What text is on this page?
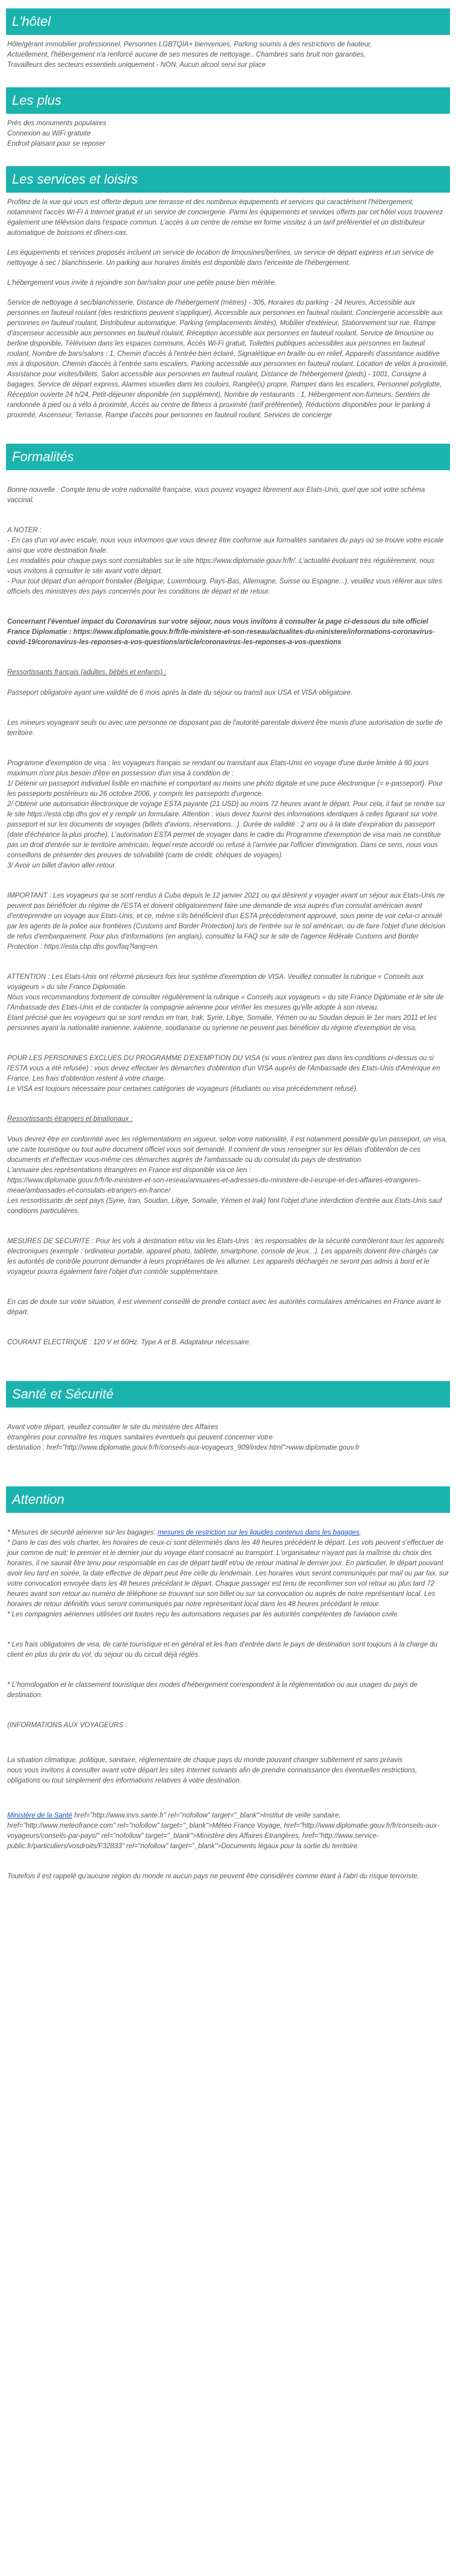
L'hôtel
Hôte/gérant immobilier professionnel, Personnes LGBTQIA+ bienvenues, Parking soumis à des restrictions de hauteur,
Actuellement, l'hébergement n'a renforcé aucune de ses mesures de nettoyage., Chambres sans bruit non garanties,
Travailleurs des secteurs essentiels uniquement - NON, Aucun alcool servi sur place
Les plus
Prés des monuments populaires
Connexion au WiFi gratuite
Endroit plaisant pour se reposer
Les services et loisirs

Profitez de la vue qui vous est offerte depuis une terrasse et des nombreux équipements et services qui caractérisent l'hébergement, notamment l'accès Wi-Fi à Internet gratuit et un service de conciergerie. Parmi les équipements et services offerts par cet hôtel vous trouverez également une télévision dans l'espace commun. L'accès à un centre de remise en forme vissitez à un tarif préférentiel et un distributeur automatique de boissons et dîners-cas.

Les équipements et services proposés incluent un service de location de limousines/berlines, un service de départ express et un service de nettoyage à sec / blanchisserie. Un parking aux horaires limités est disponible dans l'enceinte de l'hébergement.

L'hébergement vous invite à rejoindre son bar/salon pour une petite pause bien méritée.

Service de nettoyage à sec/blanchisserie, Distance de l'hébergement (mètres) - 305, Horaires du parking - 24 heures, Accessible aux personnes en fauteuil roulant (des restrictions peuvent s'appliquer), Accessible aux personnes en fauteuil roulant, Conciergerie accessible aux personnes en fauteuil roulant, Distributeur automatique, Parking (emplacements limités), Mobilier d'extérieur, Stationnement sur rue, Rampe d'ascenseur accessible aux personnes en fauteuil roulant, Réception accessible aux personnes en fauteuil roulant, Service de limousine ou berline disponible, Télévision dans les espaces communs, Accès Wi-Fi gratuit, Toilettes publiques accessibles aux personnes en fauteuil roulant, Nombre de bars/salons : 1, Chemin d'accès à l'entrée bien éclairé, Signalétique en braille ou en relief, Appareils d'assistance auditive mis à disposition, Chemin d'accès à l'entrée sans escaliers, Parking accessible aux personnes en fauteuil roulant, Location de vélos à proximité, Assistance pour visites/billets, Salon accessible aux personnes en fauteuil roulant, Distance de l'hébergement (pieds) - 1001, Consigne à bagages, Service de départ express, Alarmes visuelles dans les couloirs, Rangée(s) propre, Rampes dans les escaliers, Personnel polyglotte, Réception ouverte 24 h/24, Petit-déjeuner disponible (en supplément), Nombre de restaurants : 1, Hébergement non-fumeurs, Sentiers de randonnée à pied ou à vélo à proximité, Accès au centre de fitness à proximité (tarif préférentiel), Réductions disponibles pour le parking à proximité, Ascenseur, Terrasse, Rampe d'accès pour personnes en fauteuil roulant, Services de concierge

Formalités

Bonne nouvelle : Compte tenu de votre nationalité française, vous pouvez voyagez librement aux Etats-Unis, quel que soit votre schéma vaccinal.

A NOTER :
- En cas d'un vol avec escale, nous vous informons que vous devrez être conforme aux formalités sanitaires du pays où se trouve votre escale ainsi que votre destination finale.
Les modalités pour chaque pays sont consultables sur le site https://www.diplomatie.gouv.fr/fr/. L'actualité évoluant très régulièrement, nous vous invitons à consulter le site avant votre départ.
- Pour tout départ d'un aéroport frontalier (Belgique, Luxembourg, Pays-Bas, Allemagne, Suisse ou Espagne...), veuillez vous référer aux sites officiels des ministères des pays concernés pour les conditions de départ et de retour.

Concernant l'éventuel impact du Coronavirus sur votre séjour, nous vous invitons à consulter la page ci-dessous du site officiel France Diplomatie : https://www.diplomatie.gouv.fr/fr/le-ministere-et-son-reseau/actualites-du-ministere/informations-coronavirus-covid-19/coronavirus-les-reponses-a-vos-questions/article/coronavirus-les-reponses-a-vos-questions

Ressortissants français (adultes, bébés et enfants) :

Passeport obligatoire ayant une validité de 6 mois après la date du séjour ou transit aux USA et VISA obligatoire.

Les mineurs voyageant seuls ou avec une personne ne disposant pas de l'autorité parentale doivent être munis d'une autorisation de sortie de territoire.

Programme d'exemption de visa : les voyageurs français se rendant ou transitant aux Etats-Unis en voyage d'une durée limitée à 90 jours maximum n'ont plus besoin d'être en possession d'un visa à condition de :
1/ Détenir un passeport individuel lisible en machine et comportant au moins une photo digitale et une puce électronique (= e-passeport). Pour les passeports postérieurs au 26 octobre 2006, y compris les passeports d'urgence.
2/ Obtenir une autorisation électronique de voyage ESTA payante (21 USD) au moins 72 heures avant le départ. Pour cela, il faut se rendre sur le site https://esta.cbp.dhs.gov et y remplir un formulaire. Attention : vous devez fournir des informations identiques à celles figurant sur votre passeport et sur les documents de voyages (billets d'avions, réservations...). Durée de validité : 2 ans ou à la date d'expiration du passeport (date d'échéance la plus proche). L'autorisation ESTA permet de voyager dans le cadre du Programme d'exemption de visa mais ne constitue pas un droit d'entrée sur le territoire américain, lequel reste accordé ou refusé à l'arrivée par l'officier d'immigration. Dans ce sens, nous vous conseillons de présenter des preuves de solvabilité (carte de crédit, chèques de voyages).
3/ Avoir un billet d'avion aller-retour.

IMPORTANT : Les voyageurs qui se sont rendus à Cuba depuis le 12 janvier 2021 ou qui désirent y voyager avant un séjour aux Etats-Unis ne peuvent pas bénéficier du régime de l'ESTA et doivent obligatoirement faire une demande de visa auprès d'un consulat américain avant d'entreprendre un voyage aux Etats-Unis, et ce, même s'ils bénéficient d'un ESTA précédemment approuvé, sous peine de voir celui-ci annulé par les agents de la police aux frontières (Customs and Border Protection) lors de l'entrée sur le sol américain, ou de faire l'objet d'une décision de refus d'embarquement. Pour plus d'informations (en anglais), consultez la FAQ sur le site de l'agence fédérale Customs and Border Protection : https://esta.cbp.dhs.gov/faq?lang=en.

ATTENTION : Les Etats-Unis ont réformé plusieurs fois leur système d'exemption de VISA. Veuillez consulter la rubrique « Conseils aux voyageurs » du site France Diplomatie.
Nous vous recommandons fortement de consulter régulièrement la rubrique « Conseils aux voyageurs » du site France Diplomatie et le site de l'Ambassade des Etats-Unis et de contacter la compagnie aérienne pour vérifier les mesures qu'elle adopte à son niveau.
Etant précisé que les voyageurs qui se sont rendus en Iran, Irak, Syrie, Libye, Somalie, Yémen ou au Soudan depuis le 1er mars 2011 et les personnes ayant la nationalité iranienne, irakienne, soudanaise ou syrienne ne peuvent pas bénéficier du régime d'exemption de visa.

POUR LES PERSONNES EXCLUES DU PROGRAMME D'EXEMPTION DU VISA (si vous n'entrez pas dans les conditions ci-dessus ou si l'ESTA vous a été refusée) : vous devez effectuer les démarches d'obtention d'un VISA auprès de l'Ambassade des Etats-Unis d'Amérique en France. Les frais d'obtention restent à votre charge.
Le VISA est toujours nécessaire pour certaines catégories de voyageurs (étudiants ou visa précédemment refusé).

Ressortissants étrangers et binationaux :

Vous devrez être en conformité avec les réglementations en vigueur, selon votre nationalité, il est notamment possible qu'un passeport, un visa, une carte touristique ou tout autre document officiel vous soit demandé. Il convient de vous renseigner sur les délais d'obtention de ces documents et d'effectuer vous-même ces démarches auprès de l'ambassade ou du consulat du pays de destination.
L'annuaire des représentations étrangères en France est disponible via ce lien :
https://www.diplomatie.gouv.fr/fr/le-ministere-et-son-reseau/annuaires-et-adresses-du-ministere-de-l-europe-et-des-affaires-etrangeres-meae/ambassades-et-consulats-etrangers-en-france/
Les ressortissants de sept pays (Syrie, Iran, Soudan, Libye, Somalie, Yémen et Irak) font l'objet d'une interdiction d'entrée aux Etats-Unis sauf conditions particulières.

MESURES DE SECURITE : Pour les vols à destination et/ou via les Etats-Unis : les responsables de la sécurité contrôleront tous les appareils électroniques (exemple : ordinateur portable, appareil photo, tablette, smartphone, console de jeux...). Les appareils doivent être chargés car les autorités de contrôle pourront demander à leurs propriétaires de les allumer. Les appareils déchargés ne seront pas admis à bord et le voyageur pourra également faire l'objet d'un contrôle supplémentaire.

En cas de doute sur votre situation, il est vivement conseillé de prendre contact avec les autorités consulaires américaines en France avant le départ.

COURANT ELECTRIQUE : 120 V et 60Hz. Type A et B. Adaptateur nécessaire.

Santé et Sécurité

Avant votre départ, veuillez consulter le site du ministère des Affaires
étrangères pour connaître les risques sanitaires éventuels qui peuvent concerner votre
destination : href="http://www.diplomatie.gouv.fr/fr/conseils-aux-voyageurs_909/index.html">www.diplomatie.gouv.fr

Attention

* Mesures de sécurité aérienne sur les bagages: mesures de restriction sur les liquides contenus dans les bagages.
* Dans le cas des vols charter, les horaires de ceux-ci sont déterminés dans les 48 heures précédent le départ. Les vols peuvent s'effectuer de jour comme de nuit; le premier et le dernier jour du voyage étant consacré au transport. L'organisateur n'ayant pas la maîtrise du choix des horaires, il ne saurait être tenu pour responsable en cas de départ tardif et/ou de retour matinal le dernier jour. En particulier, le départ pouvant avoir lieu tard en soirée, la date effective de départ peut être celle du lendemain. Les horaires vous seront communiqués par mail ou par fax, sur votre convocation envoyée dans les 48 heures précédant le départ. Chaque passager est tenu de reconfirmer son vol retour au plus tard 72 heures avant son retour au numéro de téléphone se trouvant sur son billet ou sur sa convocation ou auprès de notre représentant local. Les horaires de retour définitifs vous seront communiqués par notre représentant local dans les 48 heures précédant le retour.
* Les compagnies aériennes utilisées ont toutes reçu les autorisations requises par les autorités compétentes de l'aviation civile.

* Les frais obligatoires de visa, de carte touristique et en général et les frais d'entrée dans le pays de destination sont toujours à la charge du client en plus du prix du vol, du séjour ou du circuit déjà réglés.

* L'homologation et le classement touristique des modes d'hébergement correspondent à la réglementation ou aux usages du pays de destination.

(INFORMATIONS AUX VOYAGEURS :

La situation climatique, politique, sanitaire, réglementaire de chaque pays du monde pouvant changer subitement et sans préavis
nous vous invitons à consulter avant votre départ les sites Internet suivants afin de prendre connaissance des éventuelles restrictions, obligations ou tout simplement des informations relatives à votre destination.

Ministère de la Santé href="http://www.invs.sante.fr" rel="nofollow" target="_blank">Institut de veille sanitaire, href="http://www.meteofrance.com" rel="nofollow" target="_blank">Météo France Voyage, href="http://www.diplomatie.gouv.fr/fr/conseils-aux-voyageurs/conseils-par-pays/" rel="nofollow" target="_blank">Ministère des Affaires Etrangères, href="http://www.service-public.fr/particuliers/vosdroits/F32833" rel="nofollow" target="_blank">Documents légaux pour la sortie du territoire.

Toutefois il est rappelé qu'aucune région du monde ni aucun pays ne peuvent être considérés comme étant à l'abri du risque terroriste.
